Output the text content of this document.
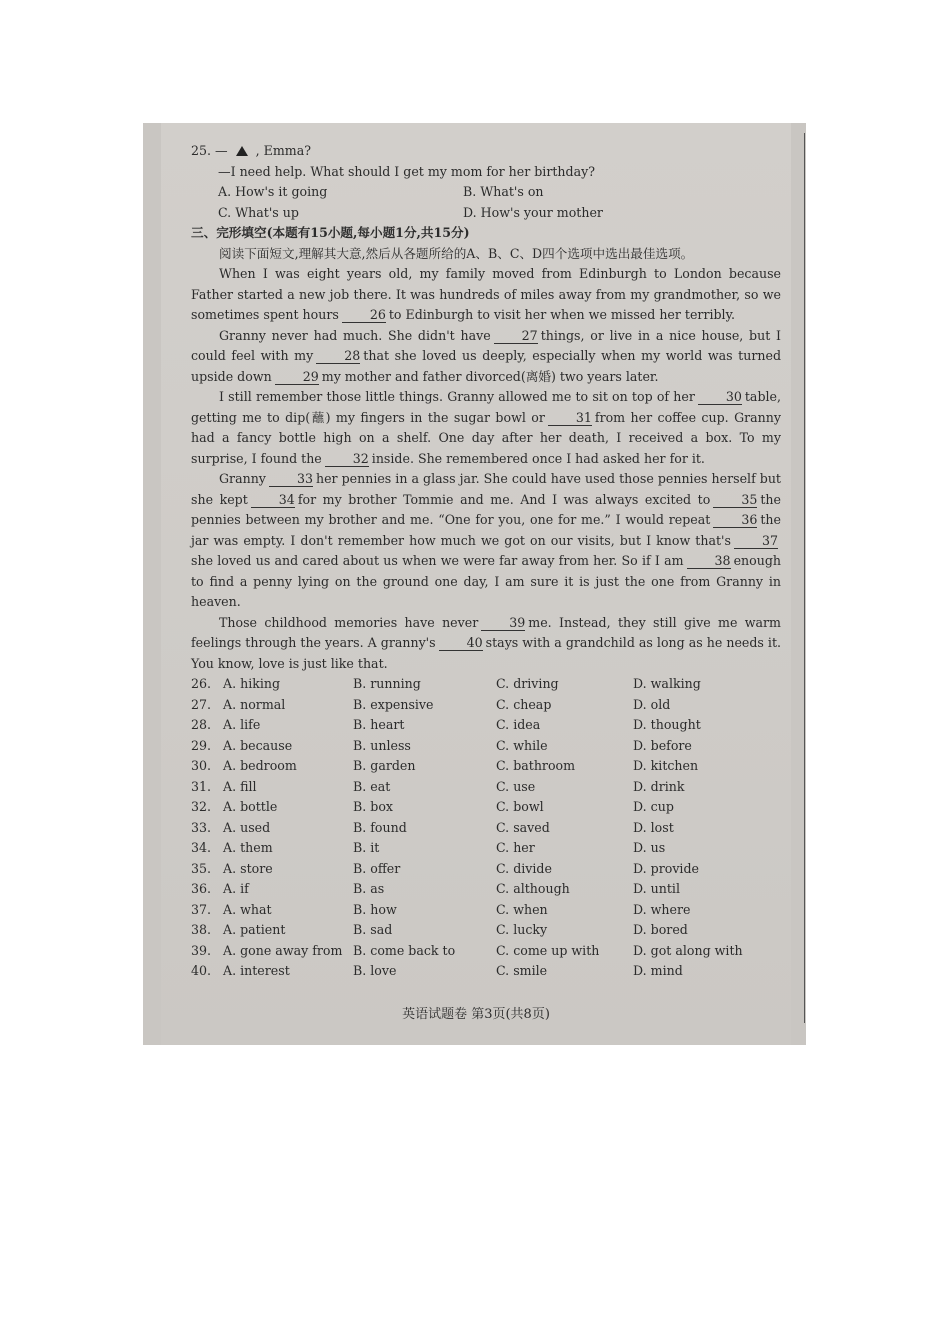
25. — , Emma?
—I need help. What should I get my mom for her birthday?
A. How's it going	B. What's on
C. What's up	D. How's your mother
三、完形填空(本题有15小题,每小题1分,共15分)
阅读下面短文,理解其大意,然后从各题所给的A、B、C、D四个选项中选出最佳选项。
When I was eight years old, my family moved from Edinburgh to London because Father started a new job there. It was hundreds of miles away from my grandmother, so we sometimes spent hours 26 to Edinburgh to visit her when we missed her terribly.
Granny never had much. She didn't have 27 things, or live in a nice house, but I could feel with my 28 that she loved us deeply, especially when my world was turned upside down 29 my mother and father divorced(离婚) two years later.
I still remember those little things. Granny allowed me to sit on top of her 30 table, getting me to dip(蘸) my fingers in the sugar bowl or 31 from her coffee cup. Granny had a fancy bottle high on a shelf. One day after her death, I received a box. To my surprise, I found the 32 inside. She remembered once I had asked her for it.
Granny 33 her pennies in a glass jar. She could have used those pennies herself but she kept 34 for my brother Tommie and me. And I was always excited to 35 the pennies between my brother and me. “One for you, one for me.” I would repeat 36 the jar was empty. I don't remember how much we got on our visits, but I know that's 37she loved us and cared about us when we were far away from her. So if I am 38 enough to find a penny lying on the ground one day, I am sure it is just the one from Granny in heaven.
Those childhood memories have never 39 me. Instead, they still give me warm feelings through the years. A granny's 40 stays with a grandchild as long as he needs it. You know, love is just like that.
26. A. hiking	B. running	C. driving	D. walking
27. A. normal	B. expensive	C. cheap	D. old
28. A. life	B. heart	C. idea	D. thought
29. A. because	B. unless	C. while	D. before
30. A. bedroom	B. garden	C. bathroom	D. kitchen
31. A. fill	B. eat	C. use	D. drink
32. A. bottle	B. box	C. bowl	D. cup
33. A. used	B. found	C. saved	D. lost
34. A. them	B. it	C. her	D. us
35. A. store	B. offer	C. divide	D. provide
36. A. if	B. as	C. although	D. until
37. A. what	B. how	C. when	D. where
38. A. patient	B. sad	C. lucky	D. bored
39. A. gone away from B. come back to	C. come up with	D. got along with
40. A. interest	B. love	C. smile	D. mind
英语试题卷 第3页(共8页)
